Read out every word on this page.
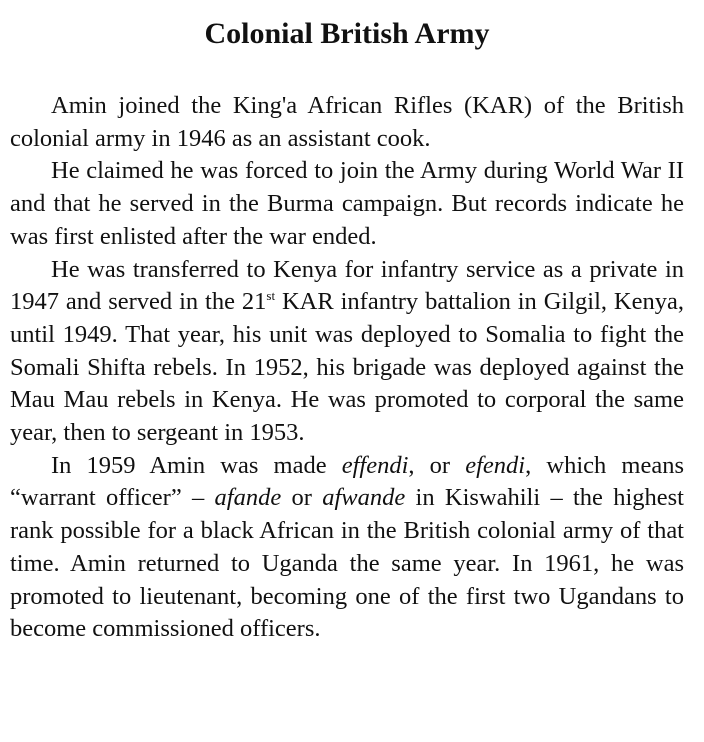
Colonial British Army

Amin joined the King'a African Rifles (KAR) of the British colonial army in 1946 as an assistant cook.

He claimed he was forced to join the Army during World War II and that he served in the Burma campaign. But records indicate he was first enlisted after the war ended.

He was transferred to Kenya for infantry service as a private in 1947 and served in the 21st KAR infantry battalion in Gilgil, Kenya, until 1949. That year, his unit was deployed to Somalia to fight the Somali Shifta rebels. In 1952, his brigade was deployed against the Mau Mau rebels in Kenya. He was promoted to corporal the same year, then to sergeant in 1953.

In 1959 Amin was made effendi, or efendi, which means “warrant officer” – afande or afwande in Kiswahili – the highest rank possible for a black African in the British colonial army of that time. Amin returned to Uganda the same year. In 1961, he was promoted to lieutenant, becoming one of the first two Ugandans to become commissioned officers.
